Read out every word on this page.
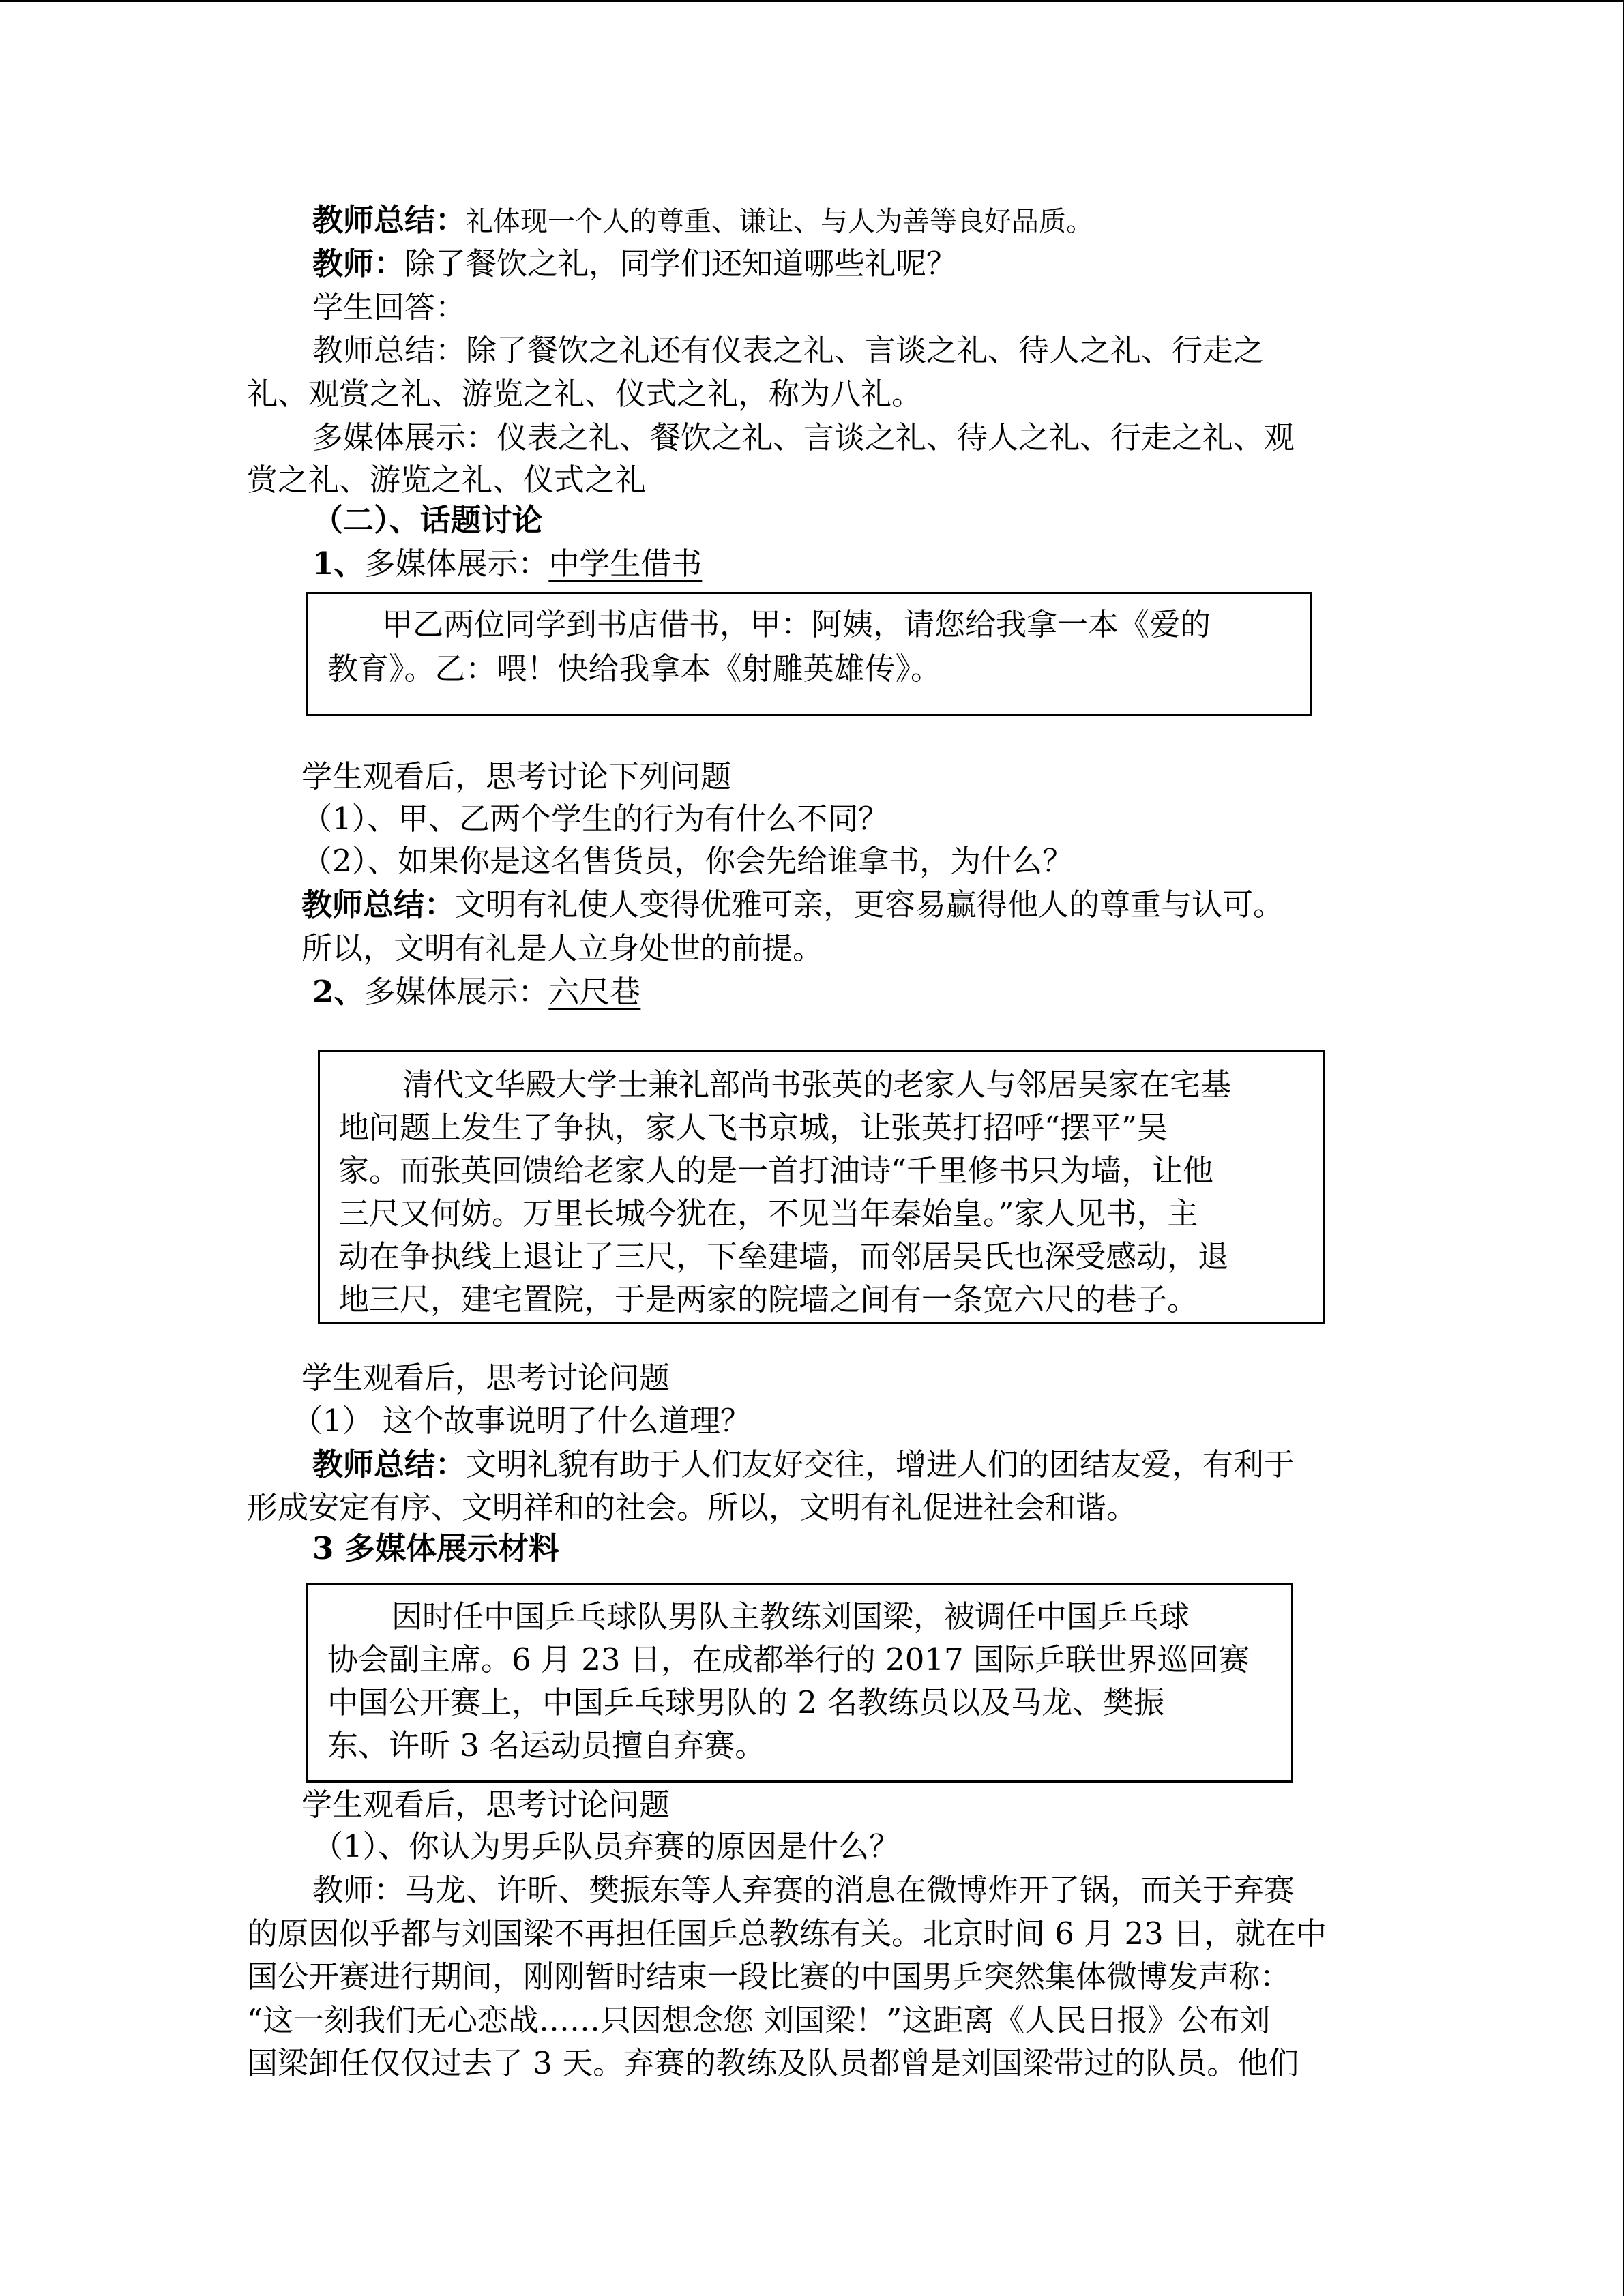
教师总结：礼体现一个人的尊重、谦让、与人为善等良好品质。
教师：除了餐饮之礼，同学们还知道哪些礼呢？
学生回答：
教师总结：除了餐饮之礼还有仪表之礼、言谈之礼、待人之礼、行走之
礼、观赏之礼、游览之礼、仪式之礼，称为八礼。
多媒体展示：仪表之礼、餐饮之礼、言谈之礼、待人之礼、行走之礼、观
赏之礼、游览之礼、仪式之礼
（二）、话题讨论
1、多媒体展示：中学生借书
甲乙两位同学到书店借书，甲：阿姨，请您给我拿一本《爱的
教育》。乙：喂！快给我拿本《射雕英雄传》。
学生观看后，思考讨论下列问题
（1）、甲、乙两个学生的行为有什么不同？
（2）、如果你是这名售货员，你会先给谁拿书，为什么？
教师总结：文明有礼使人变得优雅可亲，更容易赢得他人的尊重与认可。
所以，文明有礼是人立身处世的前提。
2、多媒体展示：六尺巷
清代文华殿大学士兼礼部尚书张英的老家人与邻居吴家在宅基
地问题上发生了争执，家人飞书京城，让张英打招呼“摆平”吴
家。而张英回馈给老家人的是一首打油诗“千里修书只为墙，让他
三尺又何妨。万里长城今犹在，不见当年秦始皇。”家人见书，主
动在争执线上退让了三尺，下垒建墙，而邻居吴氏也深受感动，退
地三尺，建宅置院，于是两家的院墙之间有一条宽六尺的巷子。
学生观看后，思考讨论问题
（1） 这个故事说明了什么道理？
教师总结：文明礼貌有助于人们友好交往，增进人们的团结友爱，有利于
形成安定有序、文明祥和的社会。所以，文明有礼促进社会和谐。
3 多媒体展示材料
因时任中国乒乓球队男队主教练刘国梁，被调任中国乒乓球
协会副主席。6 月 23 日，在成都举行的 2017 国际乒联世界巡回赛
中国公开赛上，中国乒乓球男队的 2 名教练员以及马龙、樊振
东、许昕 3 名运动员擅自弃赛。
学生观看后，思考讨论问题
（1）、你认为男乒队员弃赛的原因是什么？
教师：马龙、许昕、樊振东等人弃赛的消息在微博炸开了锅，而关于弃赛
的原因似乎都与刘国梁不再担任国乒总教练有关。北京时间 6 月 23 日，就在中
国公开赛进行期间，刚刚暂时结束一段比赛的中国男乒突然集体微博发声称：
“这一刻我们无心恋战……只因想念您 刘国梁！”这距离《人民日报》公布刘
国梁卸任仅仅过去了 3 天。弃赛的教练及队员都曾是刘国梁带过的队员。他们
